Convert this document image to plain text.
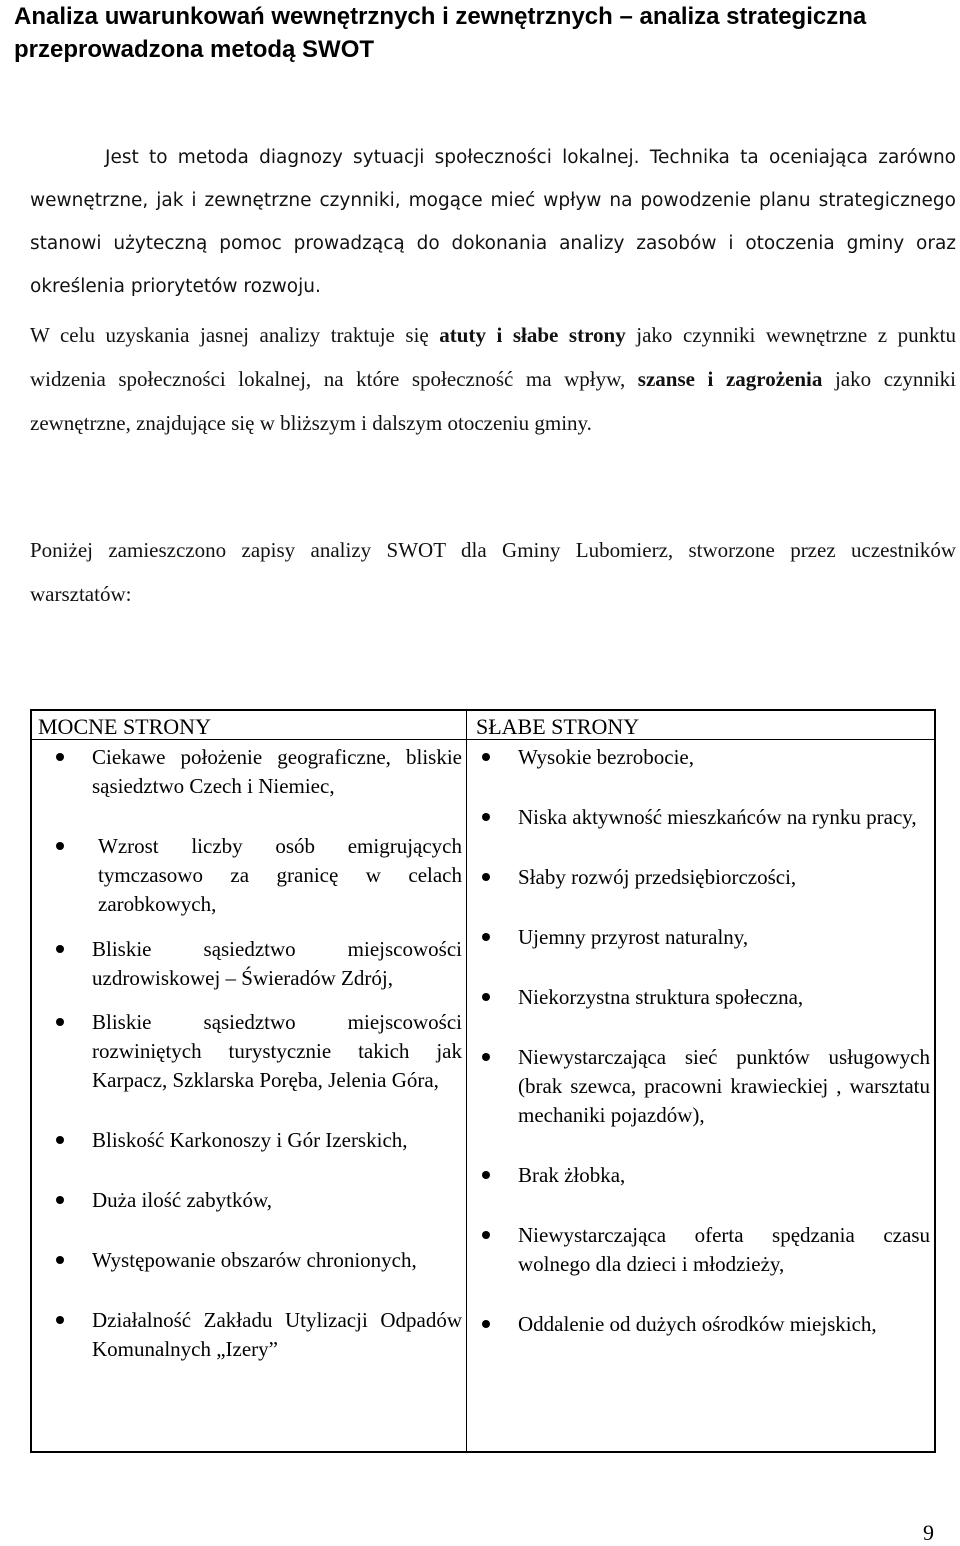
Analiza uwarunkowań wewnętrznych i zewnętrznych – analiza strategiczna przeprowadzona metodą SWOT

Jest to metoda diagnozy sytuacji społeczności lokalnej. Technika ta oceniająca zarówno wewnętrzne, jak i zewnętrzne czynniki, mogące mieć wpływ na powodzenie planu strategicznego stanowi użyteczną pomoc prowadzącą do dokonania analizy zasobów i otoczenia gminy oraz określenia priorytetów rozwoju.

W celu uzyskania jasnej analizy traktuje się atuty i słabe strony jako czynniki wewnętrzne z punktu widzenia społeczności lokalnej, na które społeczność ma wpływ, szanse i zagrożenia jako czynniki zewnętrzne, znajdujące się w bliższym i dalszym otoczeniu gminy.

Poniżej zamieszczono zapisy analizy SWOT dla Gminy Lubomierz, stworzone przez uczestników warsztatów:

MOCNE STRONY
Ciekawe położenie geograficzne, bliskie sąsiedztwo Czech i Niemiec,
Wzrost liczby osób emigrujących tymczasowo za granicę w celach zarobkowych,
Bliskie sąsiedztwo miejscowości uzdrowiskowej – Świeradów Zdrój,
Bliskie sąsiedztwo miejscowości rozwiniętych turystycznie takich jak Karpacz, Szklarska Poręba, Jelenia Góra,
Bliskość Karkonoszy i Gór Izerskich,
Duża ilość zabytków,
Występowanie obszarów chronionych,
Działalność Zakładu Utylizacji Odpadów Komunalnych „Izery”
SŁABE STRONY
Wysokie bezrobocie,
Niska aktywność mieszkańców na rynku pracy,
Słaby rozwój przedsiębiorczości,
Ujemny przyrost naturalny,
Niekorzystna struktura społeczna,
Niewystarczająca sieć punktów usługowych (brak szewca, pracowni krawieckiej , warsztatu mechaniki pojazdów),
Brak żłobka,
Niewystarczająca oferta spędzania czasu wolnego dla dzieci i młodzieży,
Oddalenie od dużych ośrodków miejskich,
9
